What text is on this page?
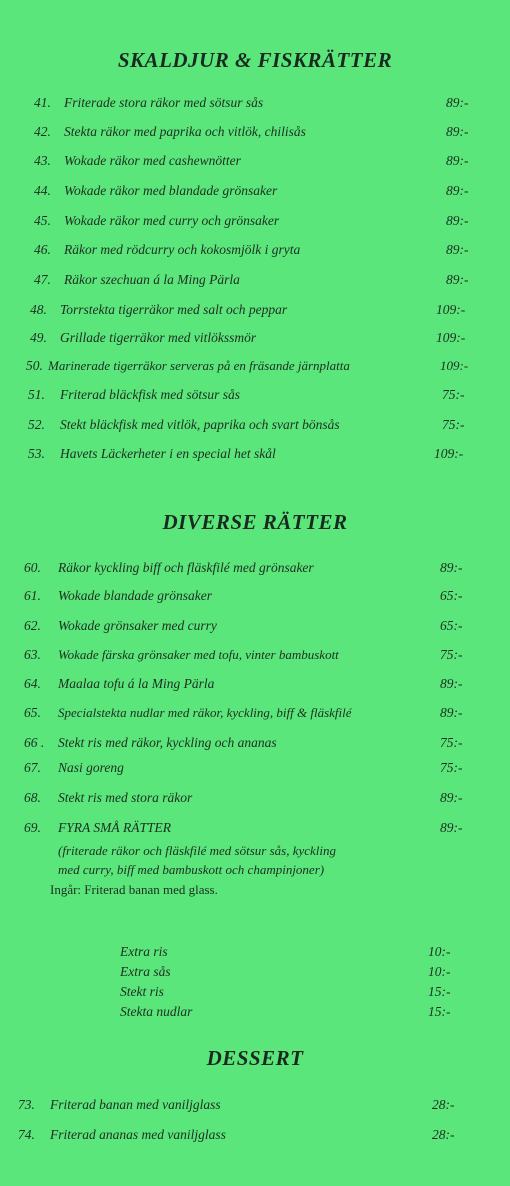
SKALDJUR & FISKRÄTTER
41. Friterade stora räkor med sötsur sås	89:-
42. Stekta räkor med paprika och vitlök, chilisås	89:-
43. Wokade räkor med cashewnötter	89:-
44. Wokade räkor med blandade grönsaker	89:-
45. Wokade räkor med curry och grönsaker	89:-
46. Räkor med rödcurry och kokosmjölk i gryta	89:-
47. Räkor szechuan á la Ming Pärla	89:-
48. Torrstekta tigerräkor med salt och peppar	109:-
49. Grillade tigerräkor med vitlökssmör	109:-
50. Marinerade tigerräkor serveras på en fräsande järnplatta	109:-
51. Friterad bläckfisk med sötsur sås	75:-
52. Stekt bläckfisk med vitlök, paprika och svart bönsås	75:-
53. Havets Läckerheter i en special het skål	109:-
DIVERSE RÄTTER
60. Räkor kyckling biff och fläskfilé med grönsaker	89:-
61. Wokade blandade grönsaker	65:-
62. Wokade grönsaker med curry	65:-
63. Wokade färska grönsaker med tofu, vinter bambuskott	75:-
64. Maalaa tofu á la Ming Pärla	89:-
65. Specialstekta nudlar med räkor, kyckling, biff & fläskfilé	89:-
66 . Stekt ris med räkor, kyckling och ananas	75:-
67. Nasi goreng	75:-
68. Stekt ris med stora räkor	89:-
69. FYRA SMÅ RÄTTER	89:-
(friterade räkor och fläskfilé med sötsur sås, kyckling
med curry, biff med bambuskott och champinjoner)
Ingår: Friterad banan med glass.
Extra ris	10:-
Extra sås	10:-
Stekt ris	15:-
Stekta nudlar	15:-
DESSERT
73. Friterad banan med vaniljglass	28:-
74. Friterad ananas med vaniljglass	28:-
